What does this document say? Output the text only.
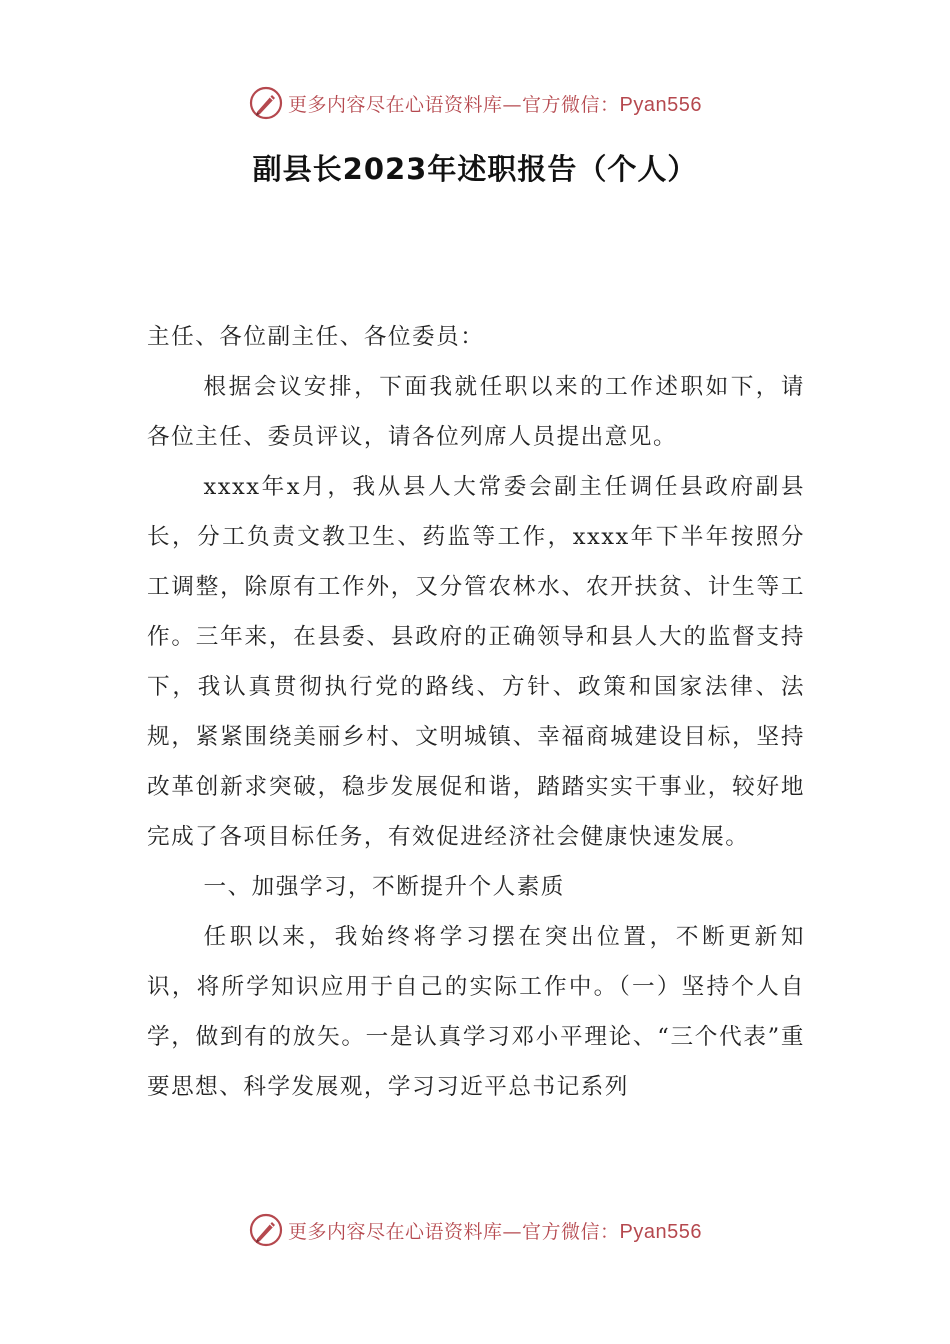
更多内容尽在心语资料库—官方微信：Pyan556
副县长2023年述职报告（个人）

主任、各位副主任、各位委员：

根据会议安排，下面我就任职以来的工作述职如下，请各位主任、委员评议，请各位列席人员提出意见。

xxxx年x月，我从县人大常委会副主任调任县政府副县长，分工负责文教卫生、药监等工作，xxxx年下半年按照分工调整，除原有工作外，又分管农林水、农开扶贫、计生等工作。三年来，在县委、县政府的正确领导和县人大的监督支持下，我认真贯彻执行党的路线、方针、政策和国家法律、法规，紧紧围绕美丽乡村、文明城镇、幸福商城建设目标，坚持改革创新求突破，稳步发展促和谐，踏踏实实干事业，较好地完成了各项目标任务，有效促进经济社会健康快速发展。

一、加强学习，不断提升个人素质

任职以来，我始终将学习摆在突出位置，不断更新知识，将所学知识应用于自己的实际工作中。（一）坚持个人自学，做到有的放矢。一是认真学习邓小平理论、“三个代表”重要思想、科学发展观，学习习近平总书记系列

更多内容尽在心语资料库—官方微信：Pyan556
